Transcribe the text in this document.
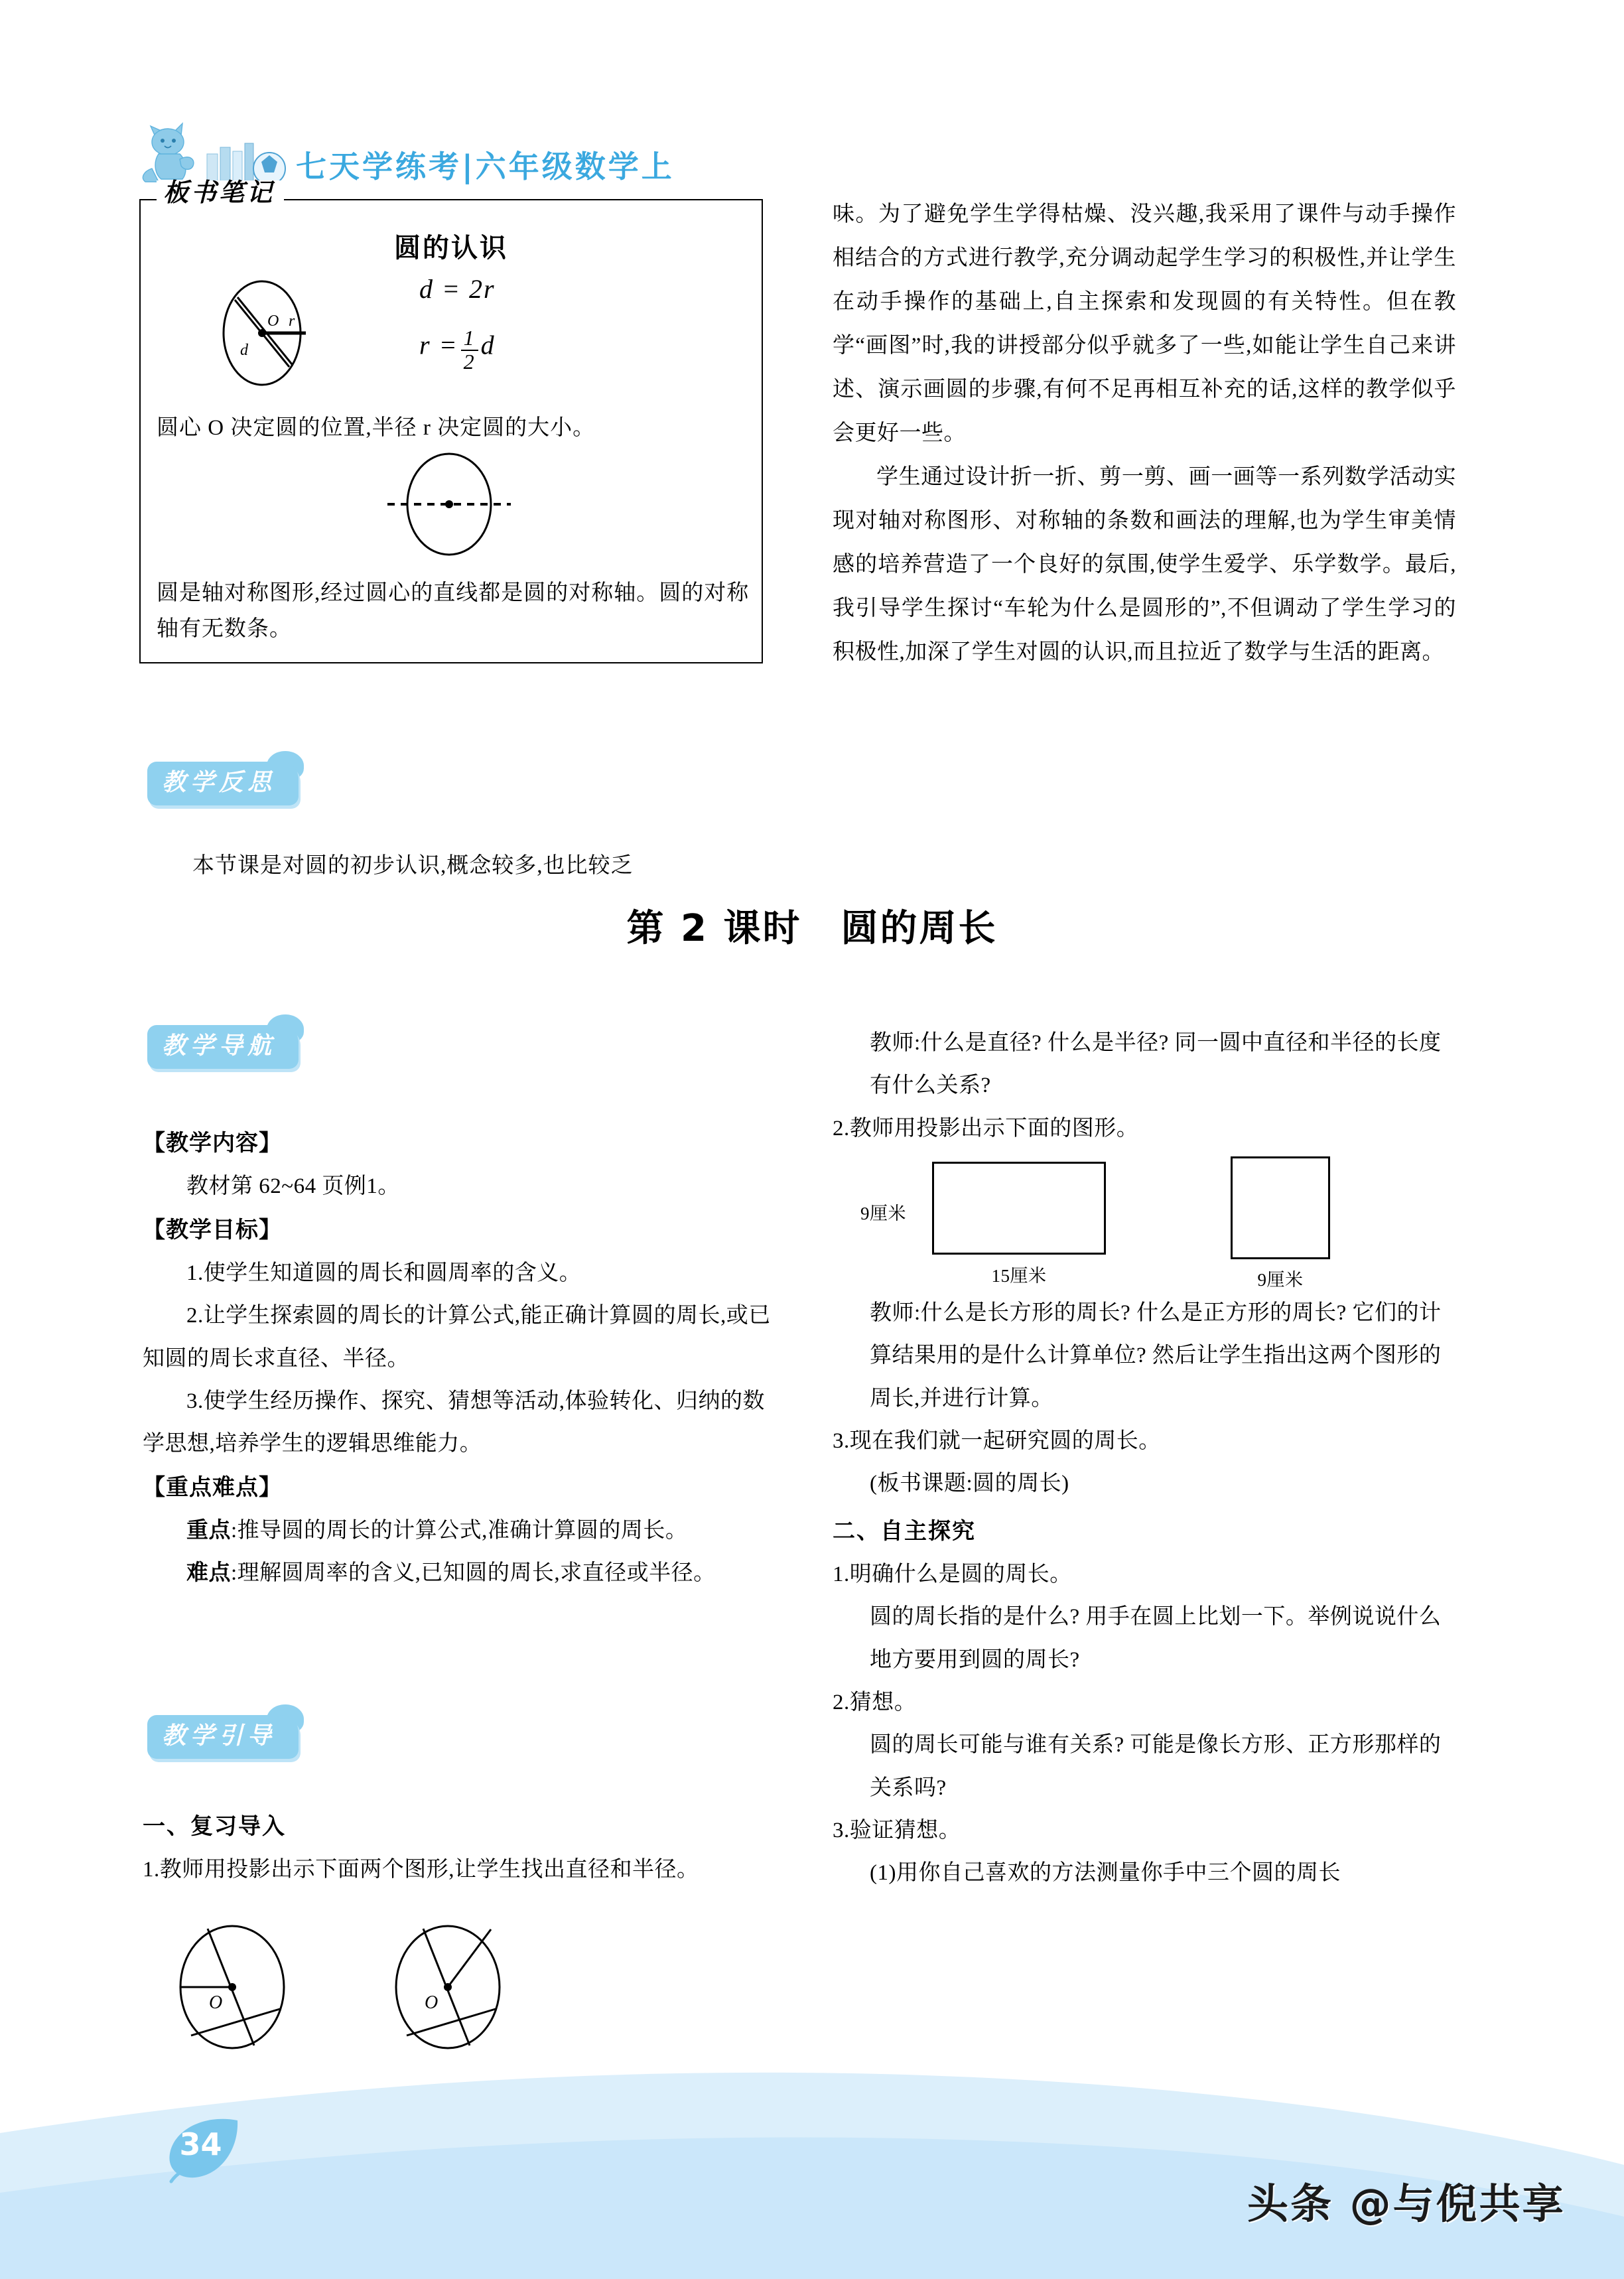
七天学练考|六年级数学上
圆的认识
O r
d
d = 2r
$r = \frac{1}{2}$ d
圆心 O 决定圆的位置,半径 r 决定圆的大小。
圆是轴对称图形,经过圆心的直线都是圆的对称轴。圆的对称轴有无数条。
板书笔记
教学反思
本节课是对圆的初步认识,概念较多,也比较乏

味。为了避免学生学得枯燥、没兴趣,我采用了课件与动手操作相结合的方式进行教学,充分调动起学生学习的积极性,并让学生在动手操作的基础上,自主探索和发现圆的有关特性。但在教学“画图”时,我的讲授部分似乎就多了一些,如能让学生自己来讲述、演示画圆的步骤,有何不足再相互补充的话,这样的教学似乎会更好一些。

学生通过设计折一折、剪一剪、画一画等一系列数学活动实现对轴对称图形、对称轴的条数和画法的理解,也为学生审美情感的培养营造了一个良好的氛围,使学生爱学、乐学数学。最后,我引导学生探讨“车轮为什么是圆形的”,不但调动了学生学习的积极性,加深了学生对圆的认识,而且拉近了数学与生活的距离。

第 2 课时　圆的周长
教学导航

【教学内容】

教材第 62~64 页例1。

【教学目标】

1.使学生知道圆的周长和圆周率的含义。

2.让学生探索圆的周长的计算公式,能正确计算圆的周长,或已知圆的周长求直径、半径。

3.使学生经历操作、探究、猜想等活动,体验转化、归纳的数学思想,培养学生的逻辑思维能力。

【重点难点】

重点:推导圆的周长的计算公式,准确计算圆的周长。

难点:理解圆周率的含义,已知圆的周长,求直径或半径。

教学引导

一、复习导入

1.教师用投影出示下面两个图形,让学生找出直径和半径。

O	O

教师:什么是直径? 什么是半径? 同一圆中直径和半径的长度有什么关系?

2.教师用投影出示下面的图形。

9厘米
15厘米	9厘米

教师:什么是长方形的周长? 什么是正方形的周长? 它们的计算结果用的是什么计算单位? 然后让学生指出这两个图形的周长,并进行计算。

3.现在我们就一起研究圆的周长。

(板书课题:圆的周长)

二、自主探究

1.明确什么是圆的周长。

圆的周长指的是什么? 用手在圆上比划一下。举例说说什么地方要用到圆的周长?

2.猜想。

圆的周长可能与谁有关系? 可能是像长方形、正方形那样的关系吗?

3.验证猜想。

(1)用你自己喜欢的方法测量你手中三个圆的周长

34
头条 @与倪共享
